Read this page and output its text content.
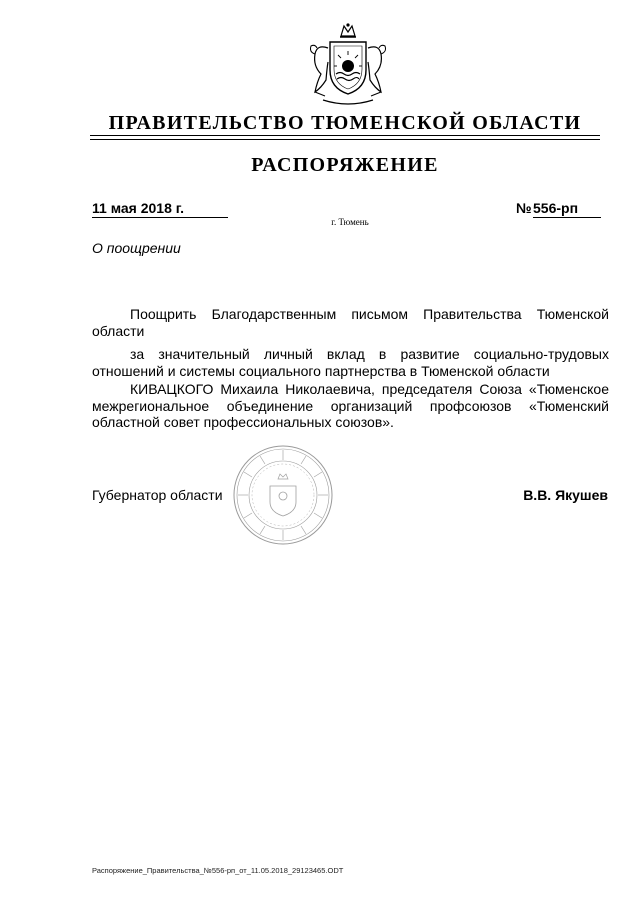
ПРАВИТЕЛЬСТВО ТЮМЕНСКОЙ ОБЛАСТИ
РАСПОРЯЖЕНИЕ
11 мая 2018 г.	№ 556-рп
г. Тюмень
О поощрении
Поощрить Благодарственным письмом Правительства Тюменской области
за значительный личный вклад в развитие социально-трудовых отношений и системы социального партнерства в Тюменской области
КИВАЦКОГО Михаила Николаевича, председателя Союза «Тюменское межрегиональное объединение организаций профсоюзов «Тюменский областной совет профессиональных союзов».
Губернатор области	В.В. Якушев
Распоряжение_Правительства_№556-рп_от_11.05.2018_29123465.ODT
